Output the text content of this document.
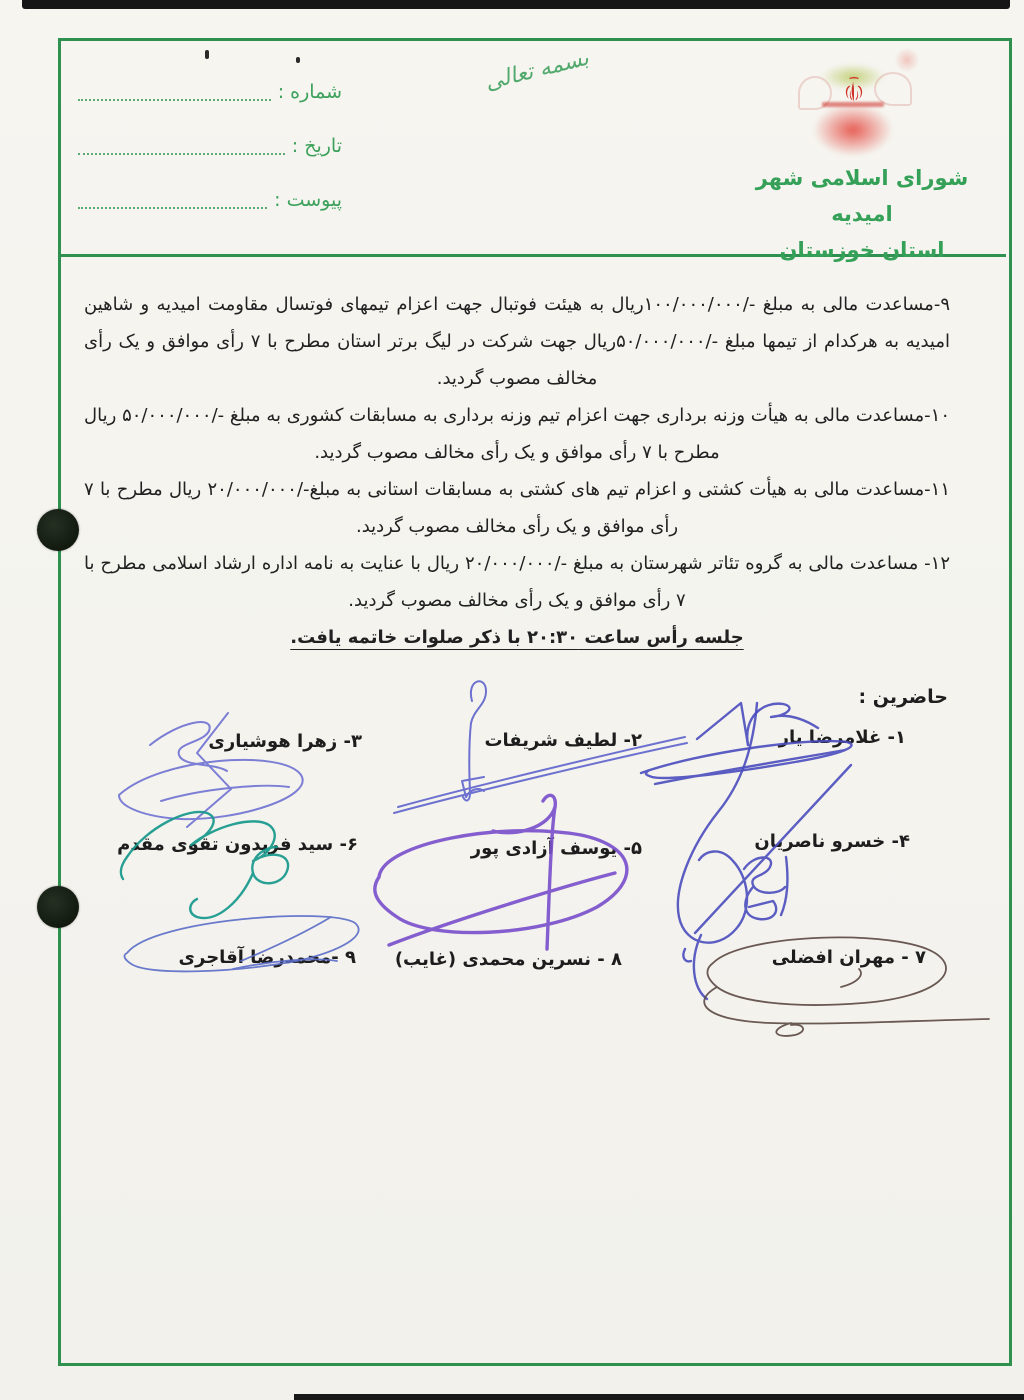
بسمه تعالی
شورای اسلامی شهر امیدیه
استان خوزستان
شماره :
تاریخ :
پیوست :

۹-مساعدت مالی به مبلغ -/۱۰۰/۰۰۰/۰۰۰ریال به هیئت فوتبال جهت اعزام تیمهای فوتسال مقاومت امیدیه و شاهین امیدیه به هرکدام از تیمها مبلغ -/۵۰/۰۰۰/۰۰۰ریال جهت شرکت در لیگ برتر استان مطرح با ۷ رأی موافق و یک رأی مخالف مصوب گردید.

۱۰-مساعدت مالی به هیأت وزنه برداری جهت اعزام تیم وزنه برداری به مسابقات کشوری به مبلغ -/۵۰/۰۰۰/۰۰۰ ریال مطرح با ۷ رأی موافق و یک رأی مخالف مصوب گردید.

۱۱-مساعدت مالی به هیأت کشتی و اعزام تیم های کشتی به مسابقات استانی به مبلغ-/۲۰/۰۰۰/۰۰۰ ریال مطرح با ۷ رأی موافق و یک رأی مخالف مصوب گردید.

۱۲- مساعدت مالی به گروه تئاتر شهرستان به مبلغ -/۲۰/۰۰۰/۰۰۰ ریال با عنایت به نامه اداره ارشاد اسلامی مطرح با ۷ رأی موافق و یک رأی مخالف مصوب گردید.

جلسه رأس ساعت ۲۰:۳۰ با ذکر صلوات خاتمه یافت.

حاضرین :
۱- غلامرضا یار
۲- لطیف شریفات
۳- زهرا هوشیاری
۴- خسرو ناصریان
۵- یوسف آزادی پور
۶- سید فریدون تقوی مقدم
۷ - مهران افضلی
۸ - نسرین محمدی (غایب)
۹ -محمدرضا آقاجری
